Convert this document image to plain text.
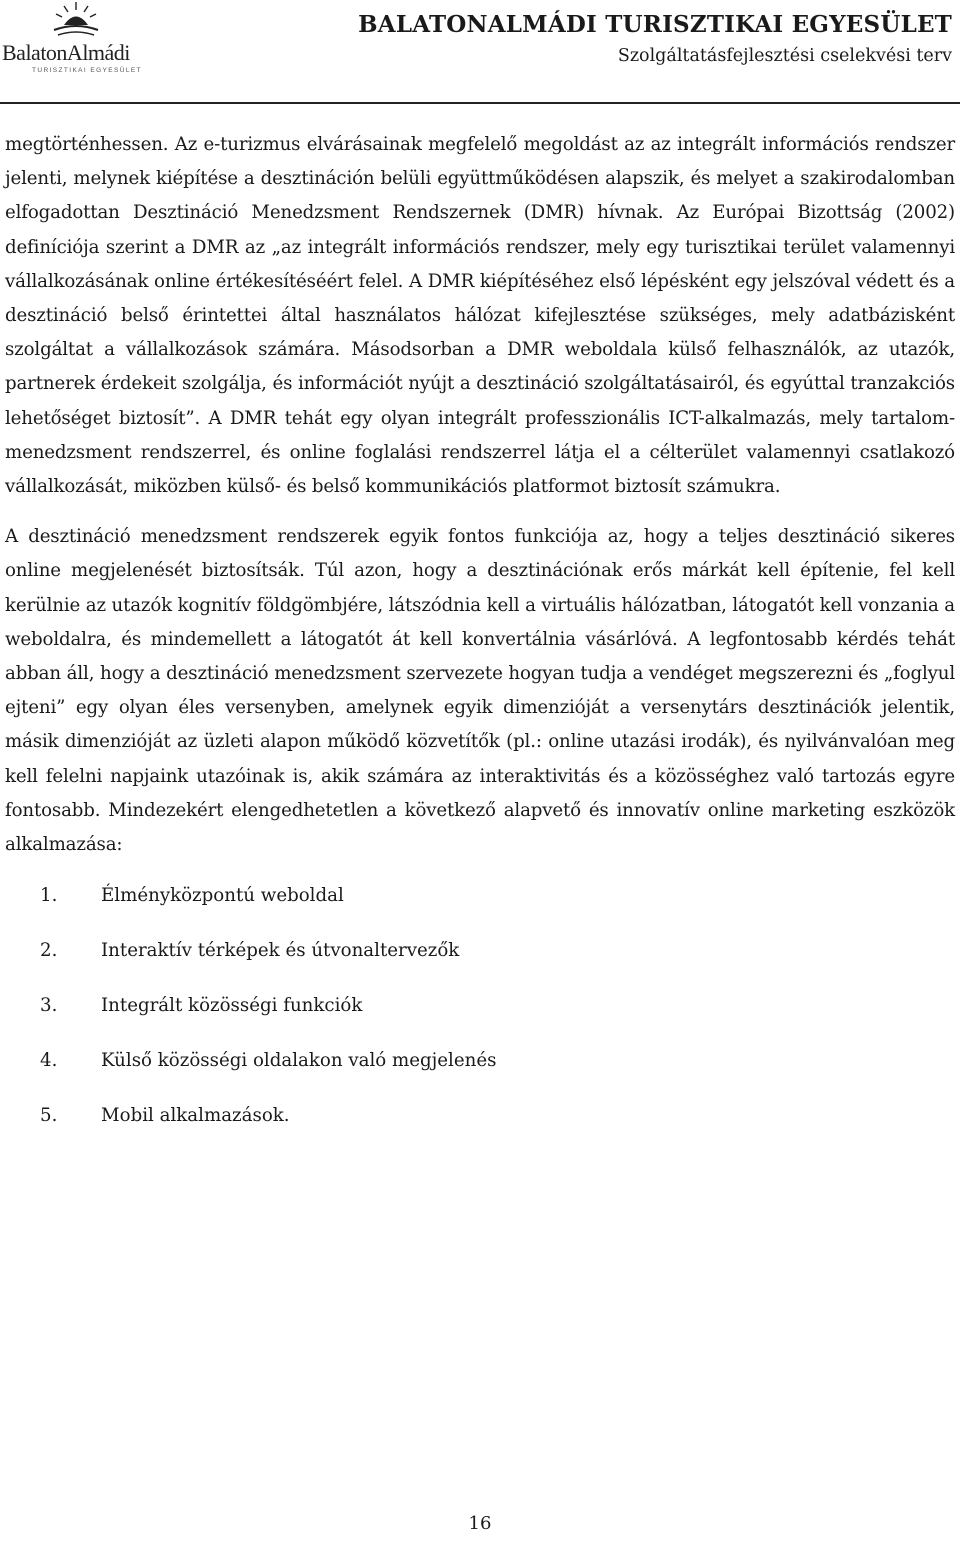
BalatonAlmádi
TURISZTIKAI EGYESÜLET
BALATONALMÁDI TURISZTIKAI EGYESÜLET
Szolgáltatásfejlesztési cselekvési terv

megtörténhessen. Az e-turizmus elvárásainak megfelelő megoldást az az integrált információs rendszer jelenti, melynek kiépítése a desztináción belüli együttműködésen alapszik, és melyet a szakirodalomban elfogadottan Desztináció Menedzsment Rendszernek (DMR) hívnak. Az Európai Bizottság (2002) definíciója szerint a DMR az „az integrált információs rendszer, mely egy turisztikai terület valamennyi vállalkozásának online értékesítéséért felel. A DMR kiépítéséhez első lépésként egy jelszóval védett és a desztináció belső érintettei által használatos hálózat kifejlesztése szükséges, mely adatbázisként szolgáltat a vállalkozások számára. Másodsorban a DMR weboldala külső felhasználók, az utazók, partnerek érdekeit szolgálja, és információt nyújt a desztináció szolgáltatásairól, és egyúttal tranzakciós lehetőséget biztosít”. A DMR tehát egy olyan integrált professzionális ICT-alkalmazás, mely tartalom-menedzsment rendszerrel, és online foglalási rendszerrel látja el a célterület valamennyi csatlakozó vállalkozását, miközben külső- és belső kommunikációs platformot biztosít számukra.

A desztináció menedzsment rendszerek egyik fontos funkciója az, hogy a teljes desztináció sikeres online megjelenését biztosítsák. Túl azon, hogy a desztinációnak erős márkát kell építenie, fel kell kerülnie az utazók kognitív földgömbjére, látszódnia kell a virtuális hálózatban, látogatót kell vonzania a weboldalra, és mindemellett a látogatót át kell konvertálnia vásárlóvá. A legfontosabb kérdés tehát abban áll, hogy a desztináció menedzsment szervezete hogyan tudja a vendéget megszerezni és „foglyul ejteni” egy olyan éles versenyben, amelynek egyik dimenzióját a versenytárs desztinációk jelentik, másik dimenzióját az üzleti alapon működő közvetítők (pl.: online utazási irodák), és nyilvánvalóan meg kell felelni napjaink utazóinak is, akik számára az interaktivitás és a közösséghez való tartozás egyre fontosabb. Mindezekért elengedhetetlen a következő alapvető és innovatív online marketing eszközök alkalmazása:

1. Élményközpontú weboldal
2. Interaktív térképek és útvonaltervezők
3. Integrált közösségi funkciók
4. Külső közösségi oldalakon való megjelenés
5. Mobil alkalmazások.
16
